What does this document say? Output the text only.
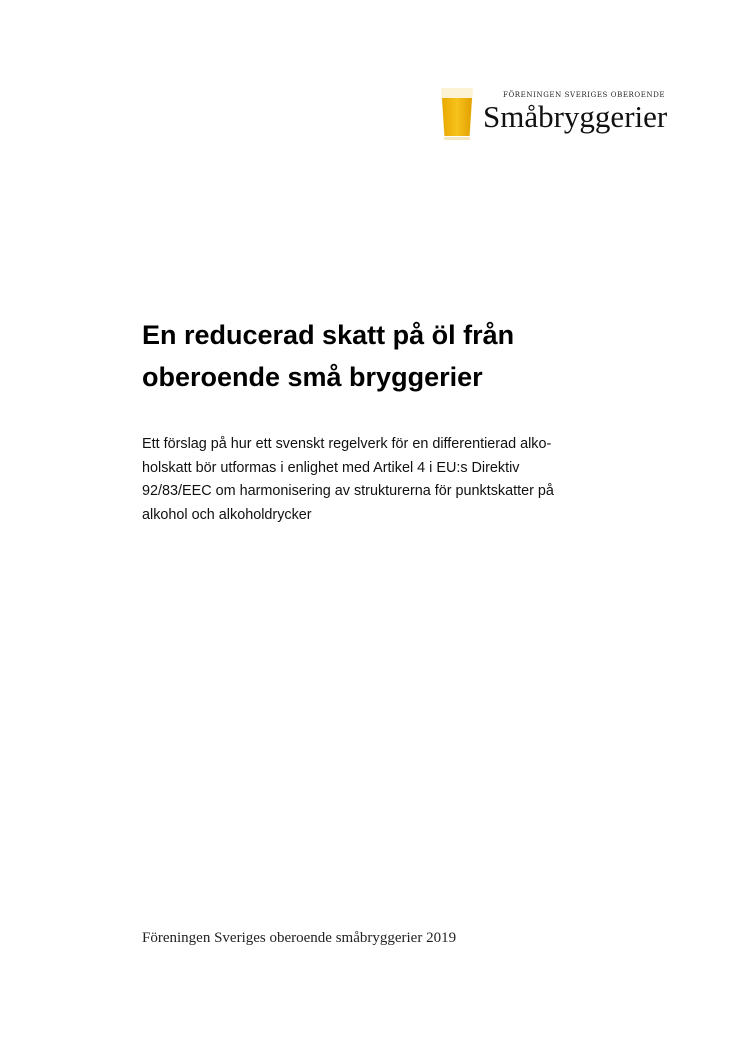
FÖRENINGEN SVERIGES OBEROENDE
Småbryggerier
En reducerad skatt på öl från
oberoende små bryggerier

Ett förslag på hur ett svenskt regelverk för en differentierad alko-
holskatt bör utformas i enlighet med Artikel 4 i EU:s Direktiv
92/83/EEC om harmonisering av strukturerna för punktskatter på
alkohol och alkoholdrycker

Föreningen Sveriges oberoende småbryggerier 2019
